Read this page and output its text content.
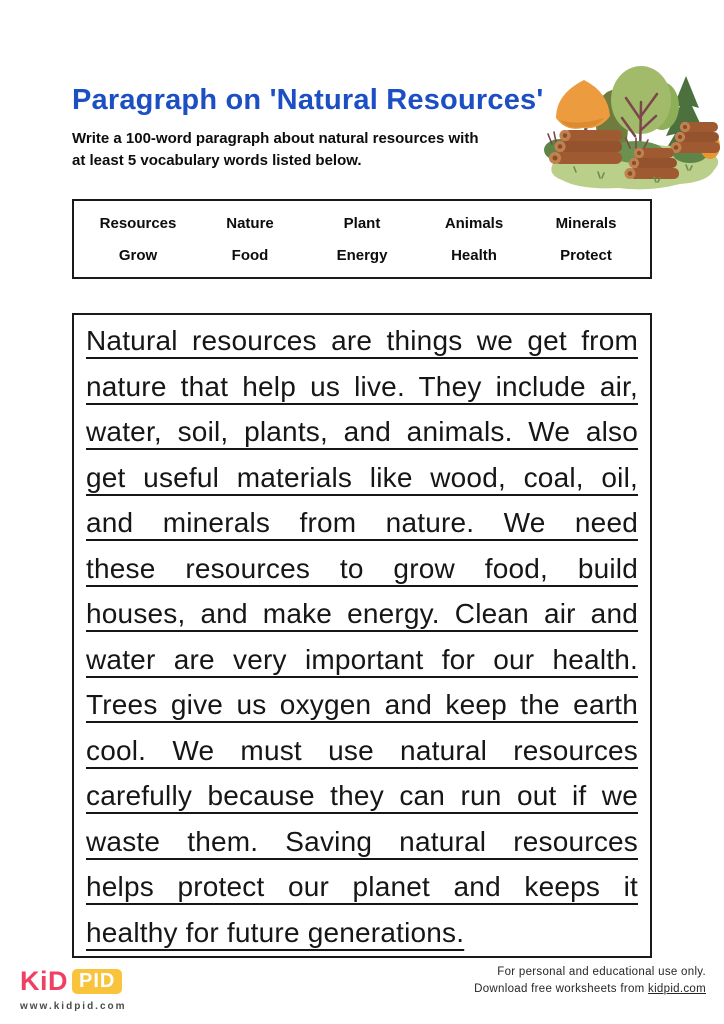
Paragraph on 'Natural Resources'
Write a 100-word paragraph about natural resources with
at least 5 vocabulary words listed below.
Resources	Nature	Plant	Animals	Minerals
Grow	Food	Energy	Health	Protect
Natural resources are things we get from
nature that help us live. They include air,
water, soil, plants, and animals. We also
get useful materials like wood, coal, oil,
and minerals from nature. We need
these resources to grow food, build
houses, and make energy. Clean air and
water are very important for our health.
Trees give us oxygen and keep the earth
cool. We must use natural resources
carefully because they can run out if we
waste them. Saving natural resources
helps protect our planet and keeps it
healthy for future generations.
KiD PID
www.kidpid.com
For personal and educational use only.
Download free worksheets from kidpid.com
